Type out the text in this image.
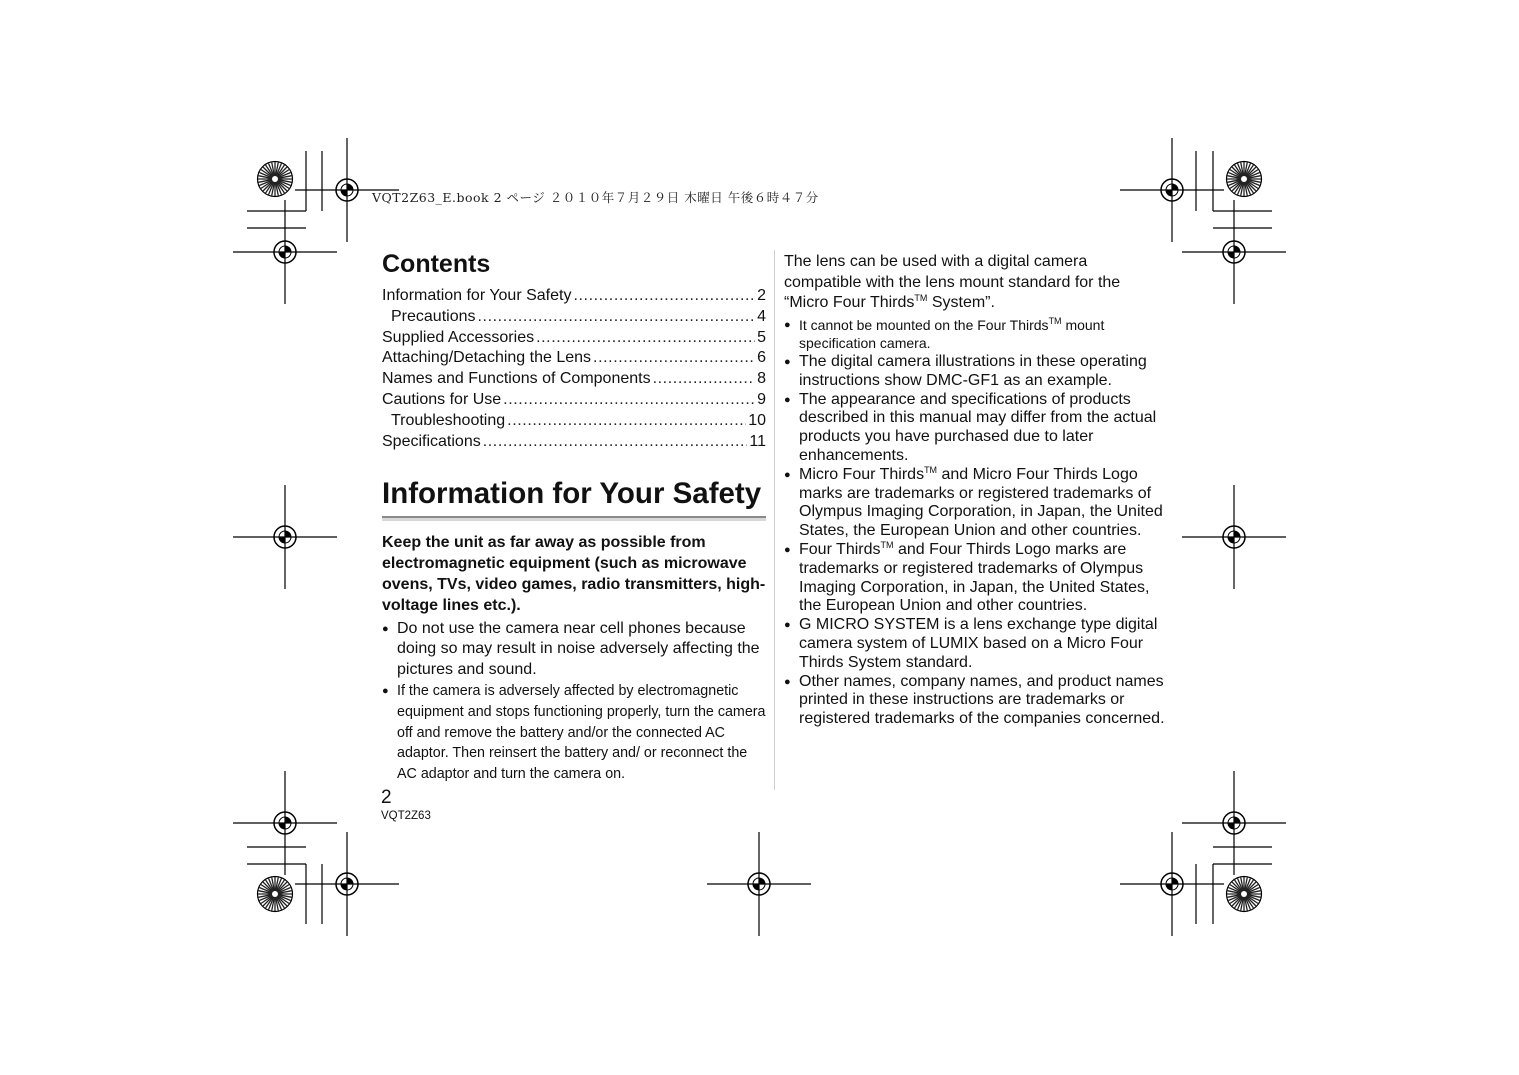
VQT2Z63_E.book 2 ページ ２０１０年７月２９日 木曜日 午後６時４７分
Contents
Information for Your Safety .....	2
Precautions .....	4
Supplied Accessories .....	5
Attaching/Detaching the Lens .....	6
Names and Functions of Components .....	8
Cautions for Use .....	9
Troubleshooting .....	10
Specifications .....	11
Information for Your Safety

Keep the unit as far away as possible from electromagnetic equipment (such as microwave ovens, TVs, video games, radio transmitters, high-voltage lines etc.).

● Do not use the camera near cell phones because doing so may result in noise adversely affecting the pictures and sound.
● If the camera is adversely affected by electromagnetic equipment and stops functioning properly, turn the camera off and remove the battery and/or the connected AC adaptor. Then reinsert the battery and/ or reconnect the AC adaptor and turn the camera on.

The lens can be used with a digital camera compatible with the lens mount standard for the “Micro Four Thirds™ System”.

● It cannot be mounted on the Four Thirds™ mount specification camera.
● The digital camera illustrations in these operating instructions show DMC-GF1 as an example.
● The appearance and specifications of products described in this manual may differ from the actual products you have purchased due to later enhancements.
● Micro Four Thirds™ and Micro Four Thirds Logo marks are trademarks or registered trademarks of Olympus Imaging Corporation, in Japan, the United States, the European Union and other countries.
● Four Thirds™ and Four Thirds Logo marks are trademarks or registered trademarks of Olympus Imaging Corporation, in Japan, the United States, the European Union and other countries.
● G MICRO SYSTEM is a lens exchange type digital camera system of LUMIX based on a Micro Four Thirds System standard.
● Other names, company names, and product names printed in these instructions are trademarks or registered trademarks of the companies concerned.
2
VQT2Z63
